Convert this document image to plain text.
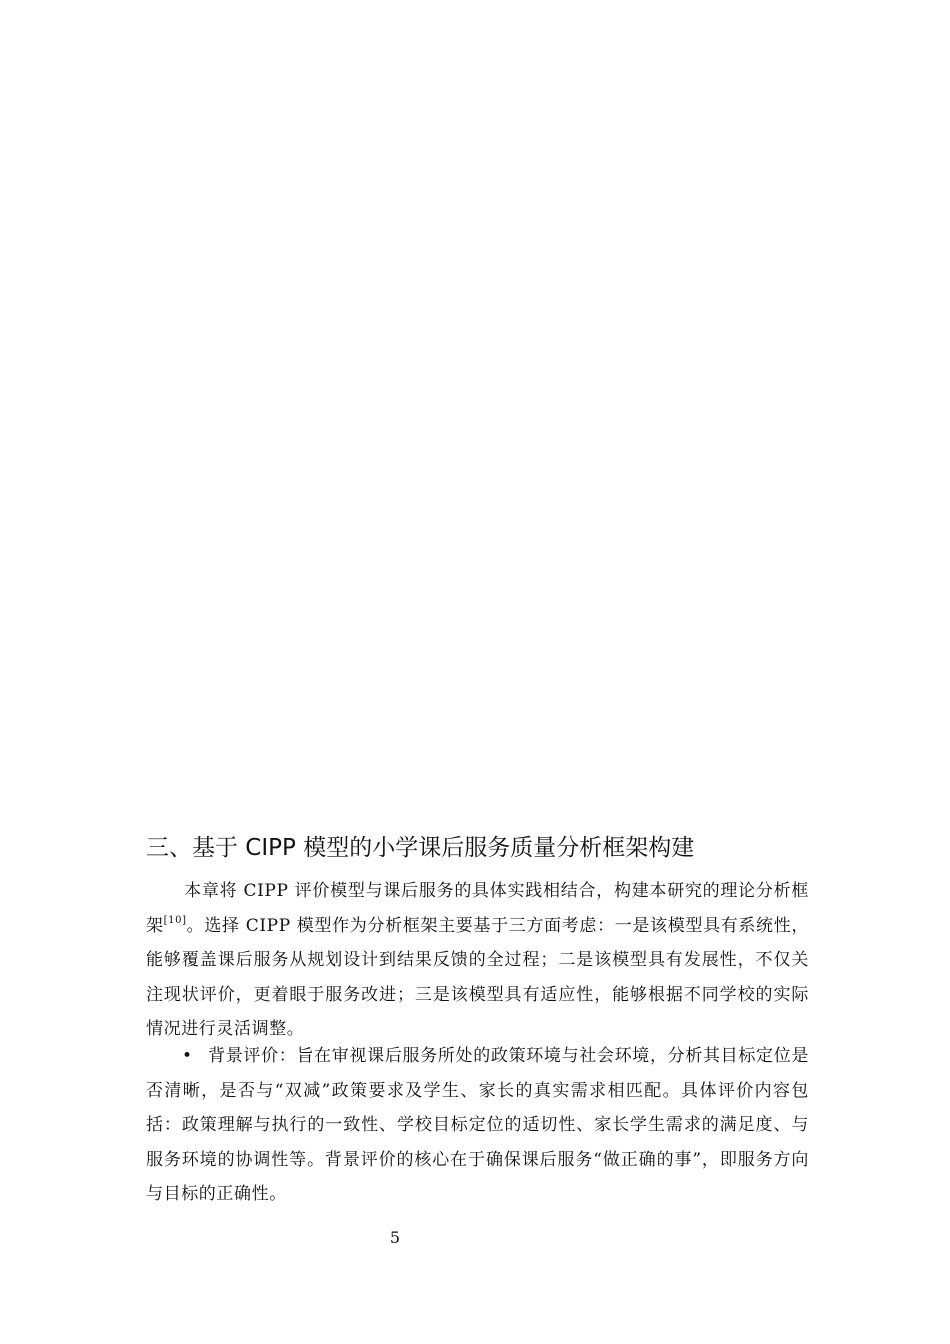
三、基于 CIPP 模型的小学课后服务质量分析框架构建
本章将 CIPP 评价模型与课后服务的具体实践相结合，构建本研究的理论分析框架[10]。选择 CIPP 模型作为分析框架主要基于三方面考虑：一是该模型具有系统性，能够覆盖课后服务从规划设计到结果反馈的全过程；二是该模型具有发展性，不仅关注现状评价，更着眼于服务改进；三是该模型具有适应性，能够根据不同学校的实际情况进行灵活调整。
• 背景评价：旨在审视课后服务所处的政策环境与社会环境，分析其目标定位是否清晰，是否与“双减”政策要求及学生、家长的真实需求相匹配。具体评价内容包括：政策理解与执行的一致性、学校目标定位的适切性、家长学生需求的满足度、与服务环境的协调性等。背景评价的核心在于确保课后服务“做正确的事”，即服务方向与目标的正确性。
5
